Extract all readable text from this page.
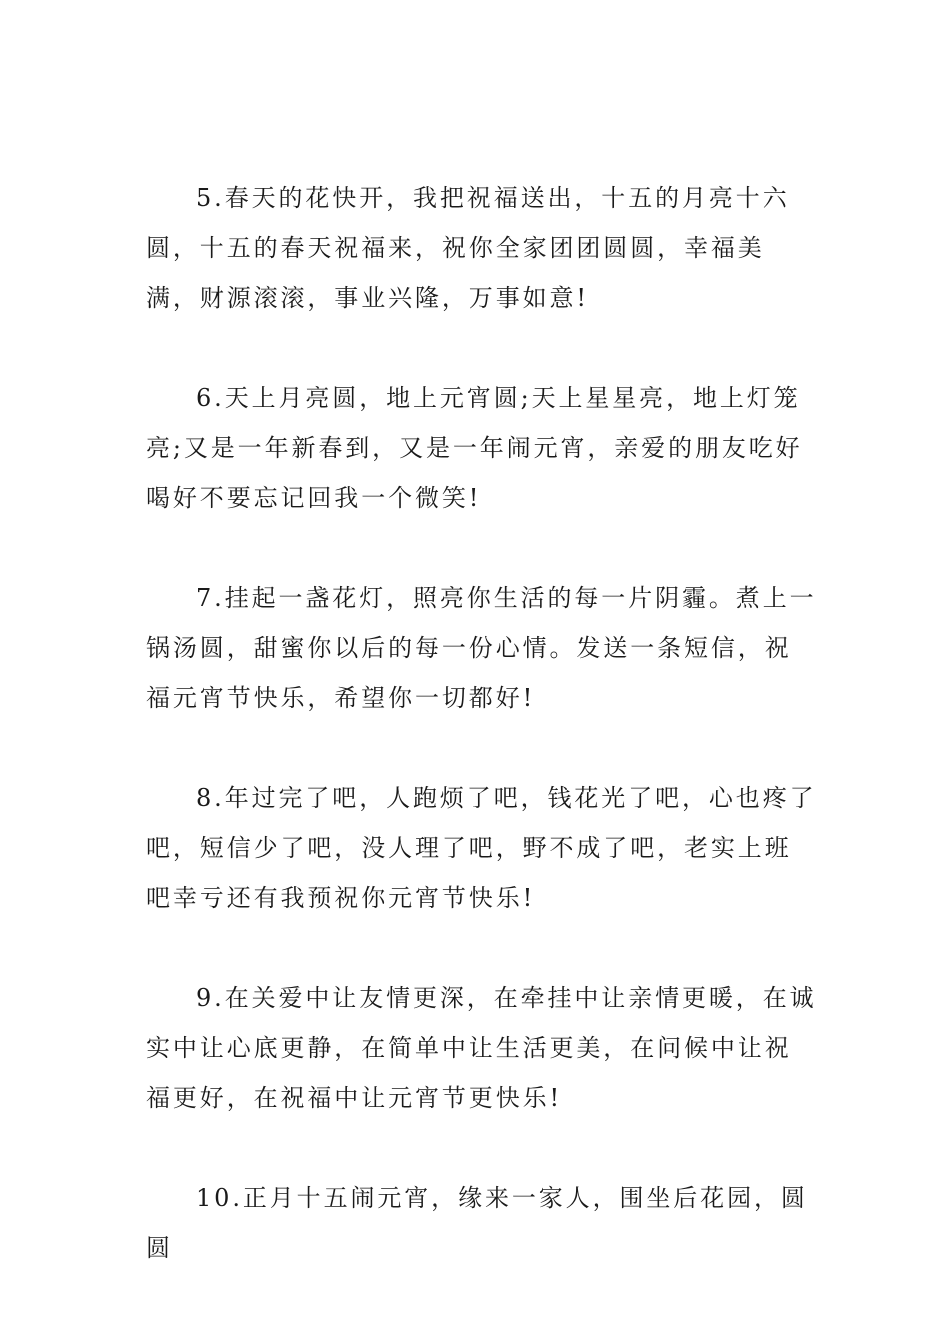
5.春天的花快开，我把祝福送出，十五的月亮十六圆，十五的春天祝福来，祝你全家团团圆圆，幸福美满，财源滚滚，事业兴隆，万事如意!

6.天上月亮圆，地上元宵圆;天上星星亮，地上灯笼亮;又是一年新春到，又是一年闹元宵，亲爱的朋友吃好喝好不要忘记回我一个微笑!

7.挂起一盏花灯，照亮你生活的每一片阴霾。煮上一锅汤圆，甜蜜你以后的每一份心情。发送一条短信，祝福元宵节快乐，希望你一切都好!

8.年过完了吧，人跑烦了吧，钱花光了吧，心也疼了吧，短信少了吧，没人理了吧，野不成了吧，老实上班吧幸亏还有我预祝你元宵节快乐!

9.在关爱中让友情更深，在牵挂中让亲情更暖，在诚实中让心底更静，在简单中让生活更美，在问候中让祝福更好，在祝福中让元宵节更快乐!

10.正月十五闹元宵，缘来一家人，围坐后花园，圆圆
